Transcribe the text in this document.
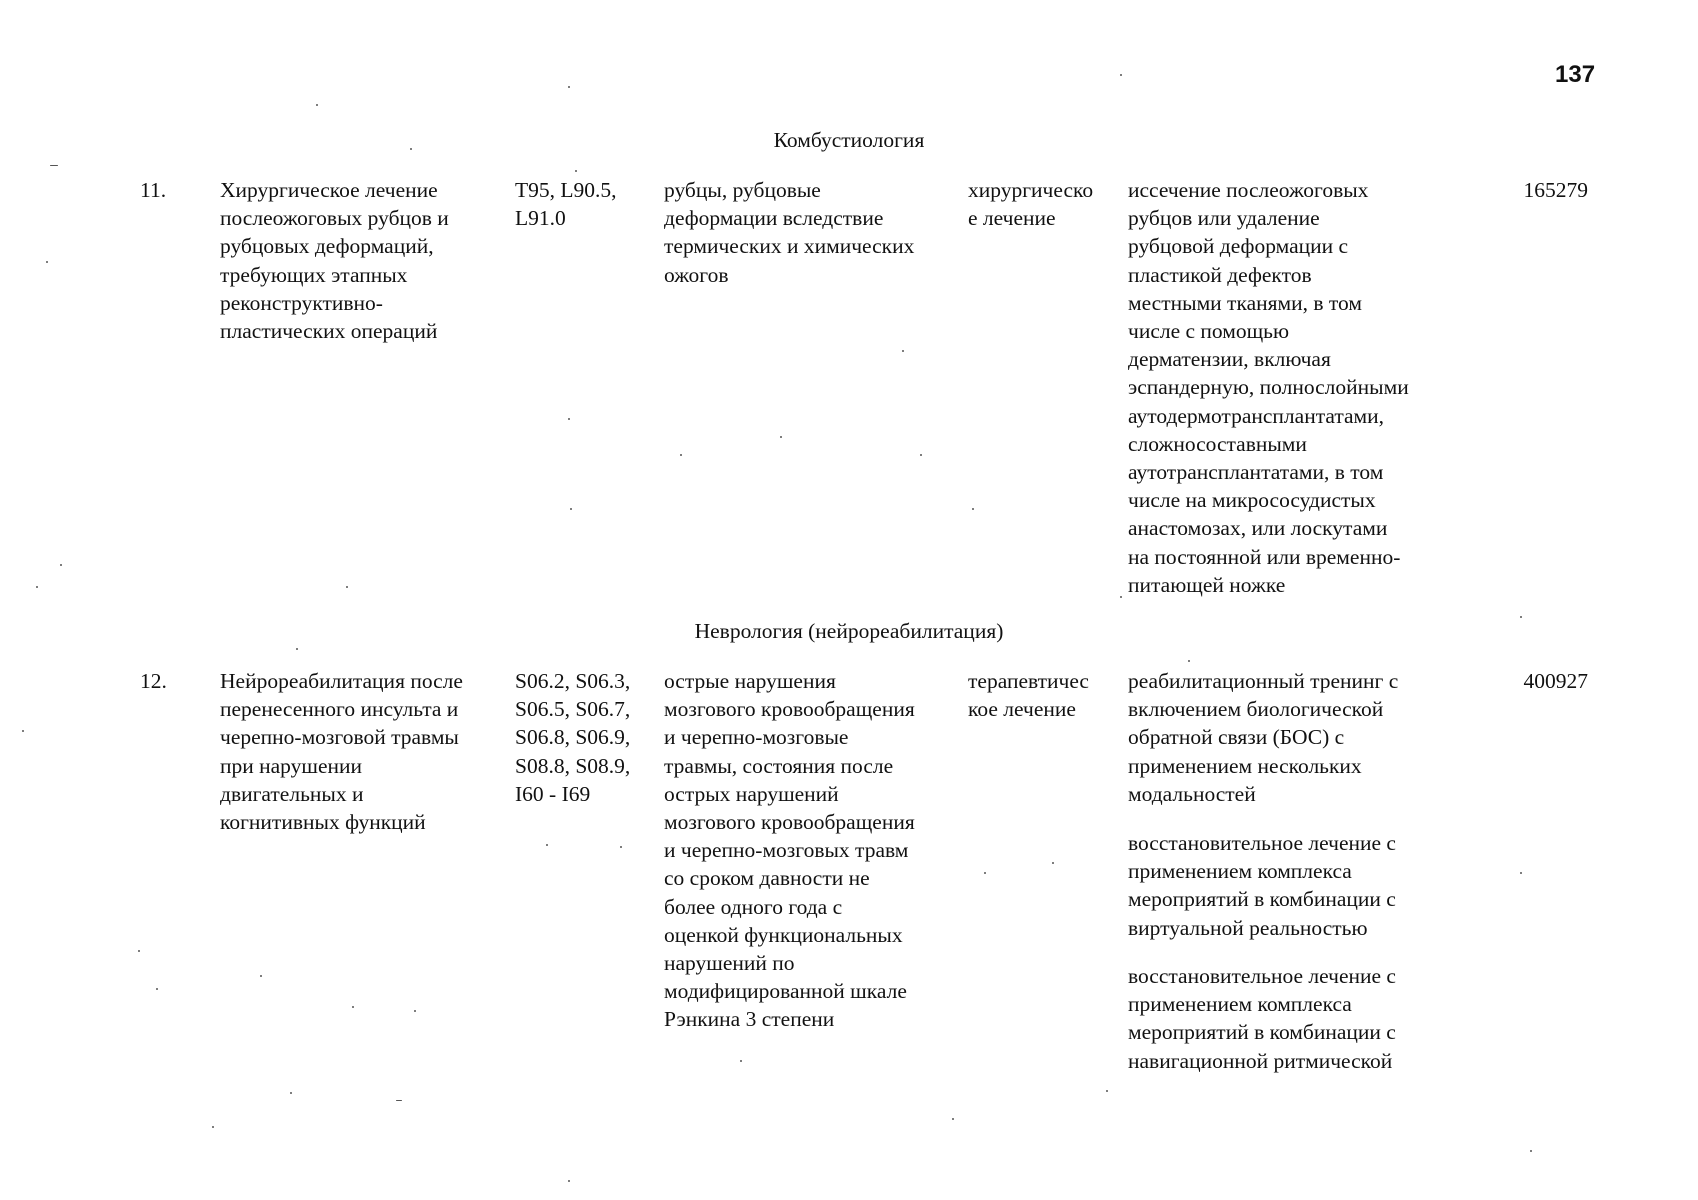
137
Комбустиология
11.	Хирургическое лечение
послеожоговых рубцов и
рубцовых деформаций,
требующих этапных
реконструктивно-
пластических операций
Т95, L90.5,
L91.0
рубцы, рубцовые
деформации вследствие
термических и химических
ожогов
хирургическо
е лечение
иссечение послеожоговых
рубцов или удаление
рубцовой деформации с
пластикой дефектов
местными тканями, в том
числе с помощью
дерматензии, включая
эспандерную, полнослойными
аутодермотрансплантатами,
сложносоставными
аутотрансплантатами, в том
числе на микрососудистых
анастомозах, или лоскутами
на постоянной или временно-
питающей ножке
165279
Неврология (нейрореабилитация)
12. Нейрореабилитация после
перенесенного инсульта и
черепно-мозговой травмы
при нарушении
двигательных и
когнитивных функций
S06.2, S06.3,
S06.5, S06.7,
S06.8, S06.9,
S08.8, S08.9,
I60 - I69
острые нарушения
мозгового кровообращения
и черепно-мозговые
травмы, состояния после
острых нарушений
мозгового кровообращения
и черепно-мозговых травм
со сроком давности не
более одного года с
оценкой функциональных
нарушений по
модифицированной шкале
Рэнкина 3 степени
терапевтичес
кое лечение
реабилитационный тренинг с
включением биологической
обратной связи (БОС) с
применением нескольких
модальностей
восстановительное лечение с
применением комплекса
мероприятий в комбинации с
виртуальной реальностью
восстановительное лечение с
применением комплекса
мероприятий в комбинации с
навигационной ритмической
400927
